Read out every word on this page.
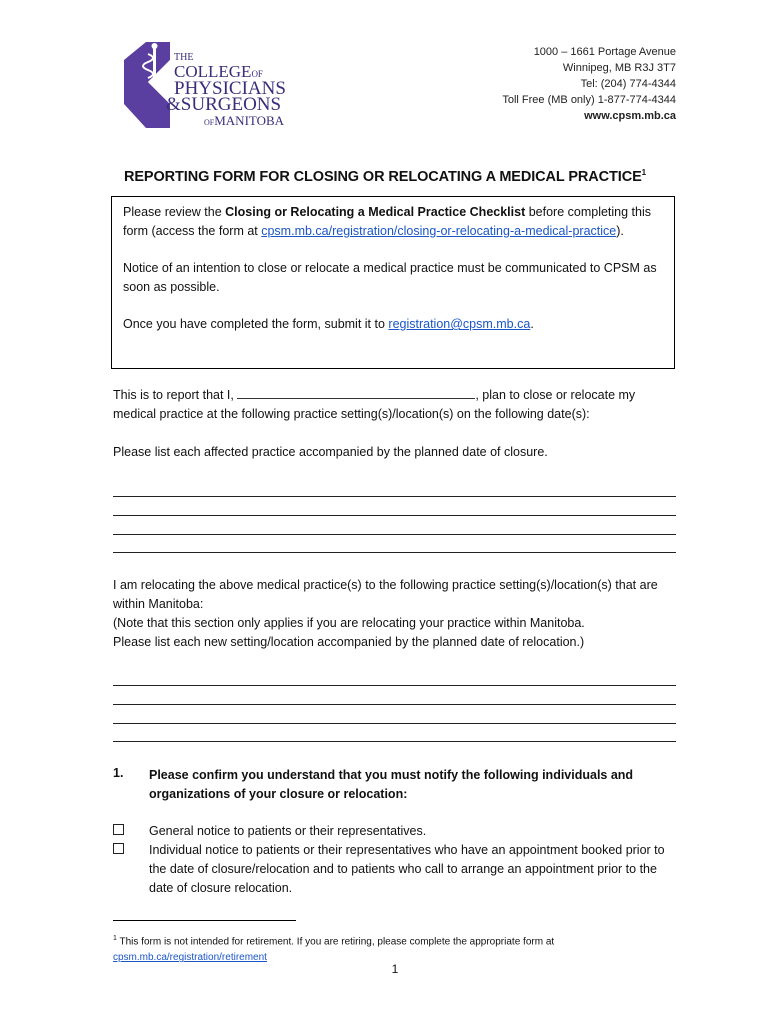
THE
COLLEGEOF
PHYSICIANS
&SURGEONS
OFMANITOBA
1000 – 1661 Portage Avenue
Winnipeg, MB R3J 3T7
Tel: (204) 774-4344
Toll Free (MB only) 1-877-774-4344
www.cpsm.mb.ca
REPORTING FORM FOR CLOSING OR RELOCATING A MEDICAL PRACTICE$^1$

Please review the Closing or Relocating a Medical Practice Checklist before completing this form (access the form at cpsm.mb.ca/registration/closing-or-relocating-a-medical-practice).

Notice of an intention to close or relocate a medical practice must be communicated to CPSM as soon as possible.

Once you have completed the form, submit it to registration@cpsm.mb.ca.

This is to report that I,	, plan to close or relocate my medical practice at the following practice setting(s)/location(s) on the following date(s):
Please list each affected practice accompanied by the planned date of closure.
I am relocating the above medical practice(s) to the following practice setting(s)/location(s) that are within Manitoba:
(Note that this section only applies if you are relocating your practice within Manitoba.
Please list each new setting/location accompanied by the planned date of relocation.)
1. Please confirm you understand that you must notify the following individuals and organizations of your closure or relocation:
General notice to patients or their representatives.
Individual notice to patients or their representatives who have an appointment booked prior to the date of closure/relocation and to patients who call to arrange an appointment prior to the date of closure relocation.
$^1$ This form is not intended for retirement. If you are retiring, please complete the appropriate form at
cpsm.mb.ca/registration/retirement
1
